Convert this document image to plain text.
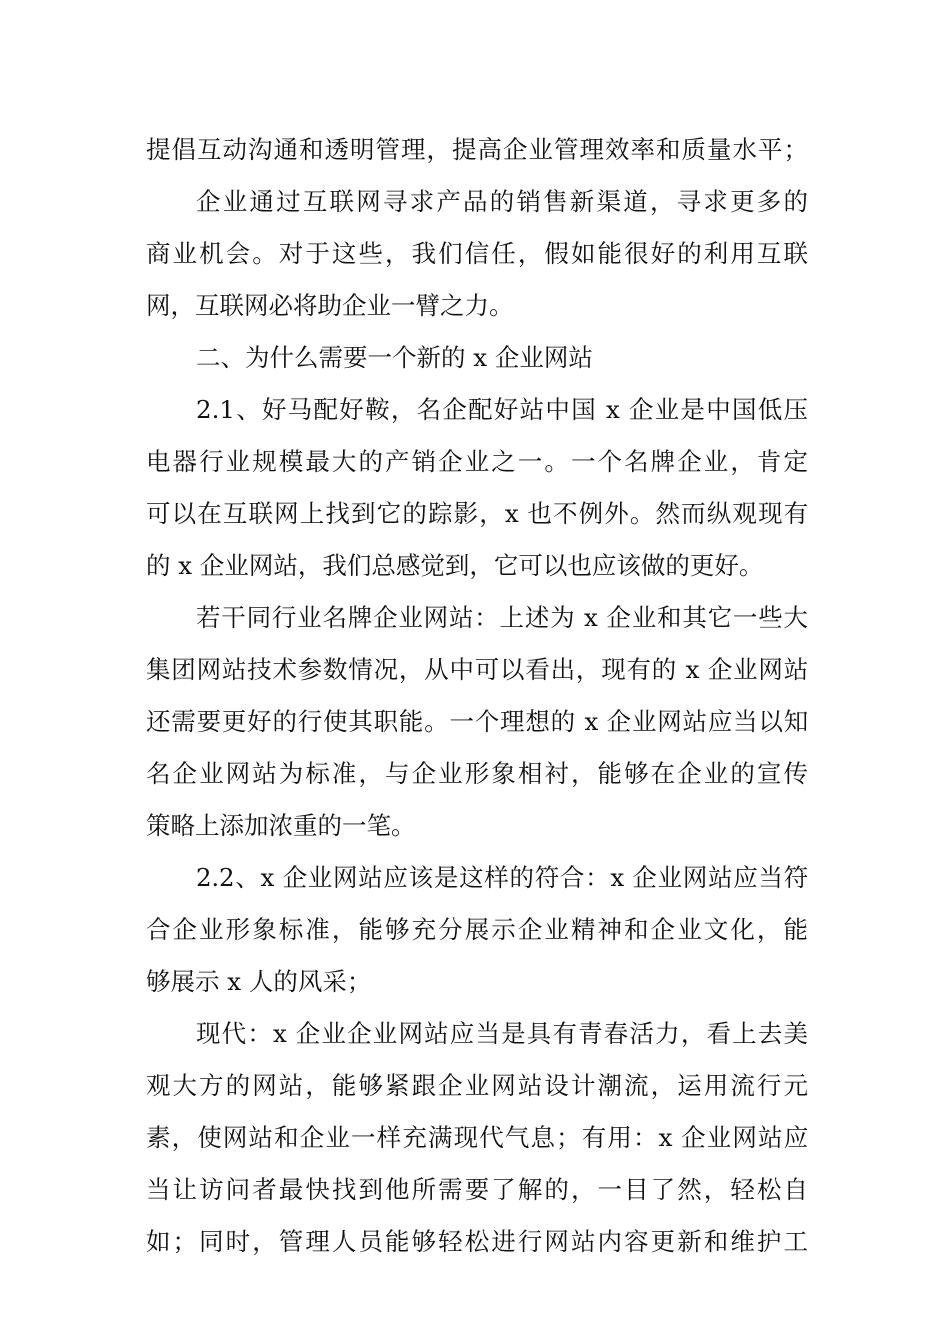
提倡互动沟通和透明管理，提高企业管理效率和质量水平；
企业通过互联网寻求产品的销售新渠道，寻求更多的
商业机会。对于这些，我们信任，假如能很好的利用互联
网，互联网必将助企业一臂之力。
二、为什么需要一个新的 x 企业网站
2.1、好马配好鞍，名企配好站中国 x 企业是中国低压
电器行业规模最大的产销企业之一。一个名牌企业，肯定
可以在互联网上找到它的踪影，x 也不例外。然而纵观现有
的 x 企业网站，我们总感觉到，它可以也应该做的更好。
若干同行业名牌企业网站：上述为 x 企业和其它一些大
集团网站技术参数情况，从中可以看出，现有的 x 企业网站
还需要更好的行使其职能。一个理想的 x 企业网站应当以知
名企业网站为标准，与企业形象相衬，能够在企业的宣传
策略上添加浓重的一笔。
2.2、x 企业网站应该是这样的符合：x 企业网站应当符
合企业形象标准，能够充分展示企业精神和企业文化，能
够展示 x 人的风采；
现代：x 企业企业网站应当是具有青春活力，看上去美
观大方的网站，能够紧跟企业网站设计潮流，运用流行元
素，使网站和企业一样充满现代气息；有用：x 企业网站应
当让访问者最快找到他所需要了解的，一目了然，轻松自
如；同时，管理人员能够轻松进行网站内容更新和维护工
